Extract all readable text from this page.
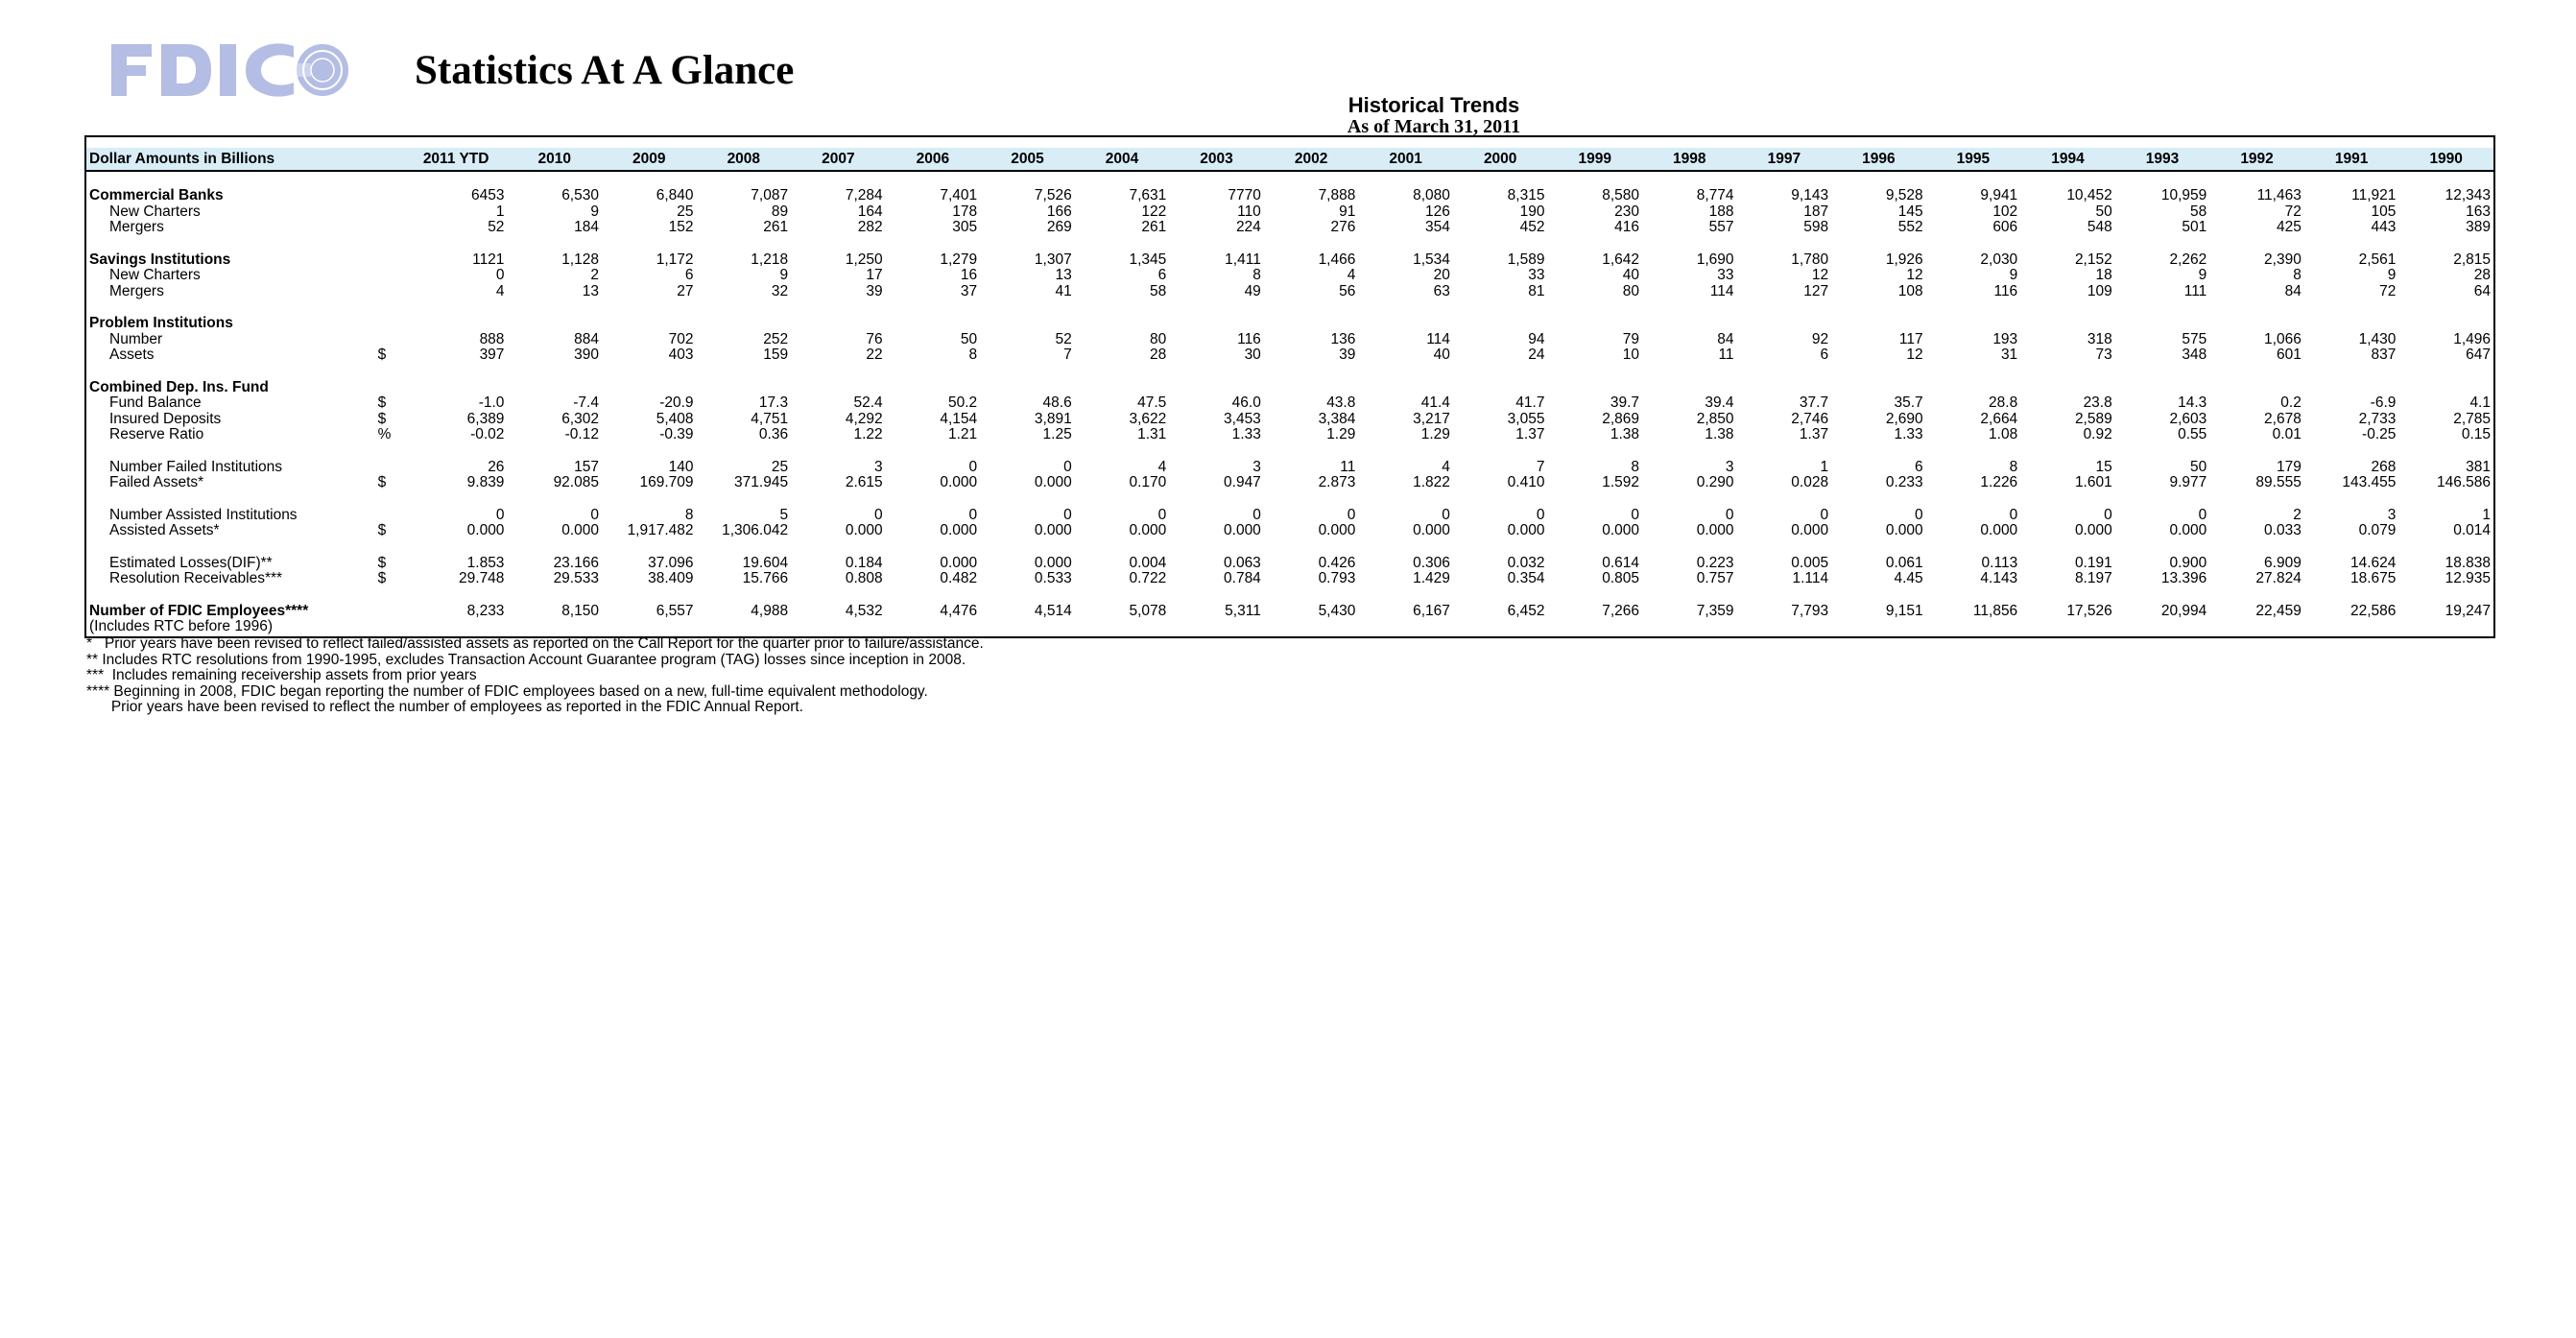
Statistics At A Glance
Historical Trends
As of March 31, 2011

Dollar Amounts in Billions		2011 YTD	2010	2009	2008	2007	2006	2005	2004	2003	2002	2001	2000	1999	1998	1997	1996	1995	1994	1993	1992	1991	1990

Commercial Banks		6453	6,530	6,840	7,087	7,284	7,401	7,526	7,631	7770	7,888	8,080	8,315	8,580	8,774	9,143	9,528	9,941	10,452	10,959	11,463	11,921	12,343
New Charters		1	9	25	89	164	178	166	122	110	91	126	190	230	188	187	145	102	50	58	72	105	163
Mergers		52	184	152	261	282	305	269	261	224	276	354	452	416	557	598	552	606	548	501	425	443	389

Savings Institutions		1121	1,128	1,172	1,218	1,250	1,279	1,307	1,345	1,411	1,466	1,534	1,589	1,642	1,690	1,780	1,926	2,030	2,152	2,262	2,390	2,561	2,815
New Charters		0	2	6	9	17	16	13	6	8	4	20	33	40	33	12	12	9	18	9	8	9	28
Mergers		4	13	27	32	39	37	41	58	49	56	63	81	80	114	127	108	116	109	111	84	72	64

Problem Institutions																							
Number		888	884	702	252	76	50	52	80	116	136	114	94	79	84	92	117	193	318	575	1,066	1,430	1,496
Assets	$	397	390	403	159	22	8	7	28	30	39	40	24	10	11	6	12	31	73	348	601	837	647

Combined Dep. Ins. Fund																							
Fund Balance	$	-1.0	-7.4	-20.9	17.3	52.4	50.2	48.6	47.5	46.0	43.8	41.4	41.7	39.7	39.4	37.7	35.7	28.8	23.8	14.3	0.2	-6.9	4.1
Insured Deposits	$	6,389	6,302	5,408	4,751	4,292	4,154	3,891	3,622	3,453	3,384	3,217	3,055	2,869	2,850	2,746	2,690	2,664	2,589	2,603	2,678	2,733	2,785
Reserve Ratio	%	-0.02	-0.12	-0.39	0.36	1.22	1.21	1.25	1.31	1.33	1.29	1.29	1.37	1.38	1.38	1.37	1.33	1.08	0.92	0.55	0.01	-0.25	0.15

Number Failed Institutions		26	157	140	25	3	0	0	4	3	11	4	7	8	3	1	6	8	15	50	179	268	381
Failed Assets*	$	9.839	92.085	169.709	371.945	2.615	0.000	0.000	0.170	0.947	2.873	1.822	0.410	1.592	0.290	0.028	0.233	1.226	1.601	9.977	89.555	143.455	146.586

Number Assisted Institutions		0	0	8	5	0	0	0	0	0	0	0	0	0	0	0	0	0	0	0	2	3	1
Assisted Assets*	$	0.000	0.000	1,917.482	1,306.042	0.000	0.000	0.000	0.000	0.000	0.000	0.000	0.000	0.000	0.000	0.000	0.000	0.000	0.000	0.000	0.033	0.079	0.014

Estimated Losses(DIF)**	$	1.853	23.166	37.096	19.604	0.184	0.000	0.000	0.004	0.063	0.426	0.306	0.032	0.614	0.223	0.005	0.061	0.113	0.191	0.900	6.909	14.624	18.838
Resolution Receivables***	$	29.748	29.533	38.409	15.766	0.808	0.482	0.533	0.722	0.784	0.793	1.429	0.354	0.805	0.757	1.114	4.45	4.143	8.197	13.396	27.824	18.675	12.935

Number of FDIC Employees****		8,233	8,150	6,557	4,988	4,532	4,476	4,514	5,078	5,311	5,430	6,167	6,452	7,266	7,359	7,793	9,151	11,856	17,526	20,994	22,459	22,586	19,247
(Includes RTC before 1996)																							
*   Prior years have been revised to reflect failed/assisted assets as reported on the Call Report for the quarter prior to failure/assistance.
** Includes RTC resolutions from 1990-1995, excludes Transaction Account Guarantee program (TAG) losses since inception in 2008.
***  Includes remaining receivership assets from prior years
**** Beginning in 2008, FDIC began reporting the number of FDIC employees based on a new, full-time equivalent methodology.
Prior years have been revised to reflect the number of employees as reported in the FDIC Annual Report.
